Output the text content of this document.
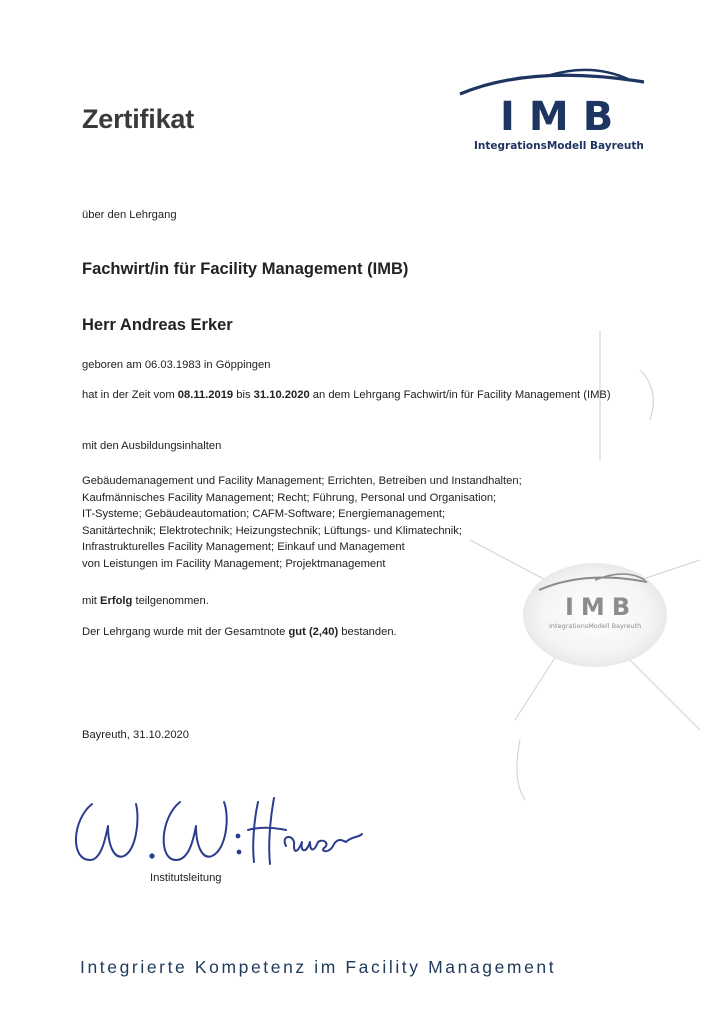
Zertifikat	IMB
IntegrationsModell Bayreuth
über den Lehrgang
Fachwirt/in für Facility Management (IMB)
Herr Andreas Erker
geboren am 06.03.1983 in Göppingen
hat in der Zeit vom 08.11.2019 bis 31.10.2020 an dem Lehrgang Fachwirt/in für Facility Management (IMB)
mit den Ausbildungsinhalten
Gebäudemanagement und Facility Management; Errichten, Betreiben und Instandhalten;
Kaufmännisches Facility Management; Recht; Führung, Personal und Organisation;
IT-Systeme; Gebäudeautomation; CAFM-Software; Energiemanagement;
Sanitärtechnik; Elektrotechnik; Heizungstechnik; Lüftungs- und Klimatechnik;
Infrastrukturelles Facility Management; Einkauf und Management
von Leistungen im Facility Management; Projektmanagement
mit Erfolg teilgenommen.
Der Lehrgang wurde mit der Gesamtnote gut (2,40) bestanden.
IMB
IntegrationsModell Bayreuth
Bayreuth, 31.10.2020
Institutsleitung
Integrierte Kompetenz im Facility Management
